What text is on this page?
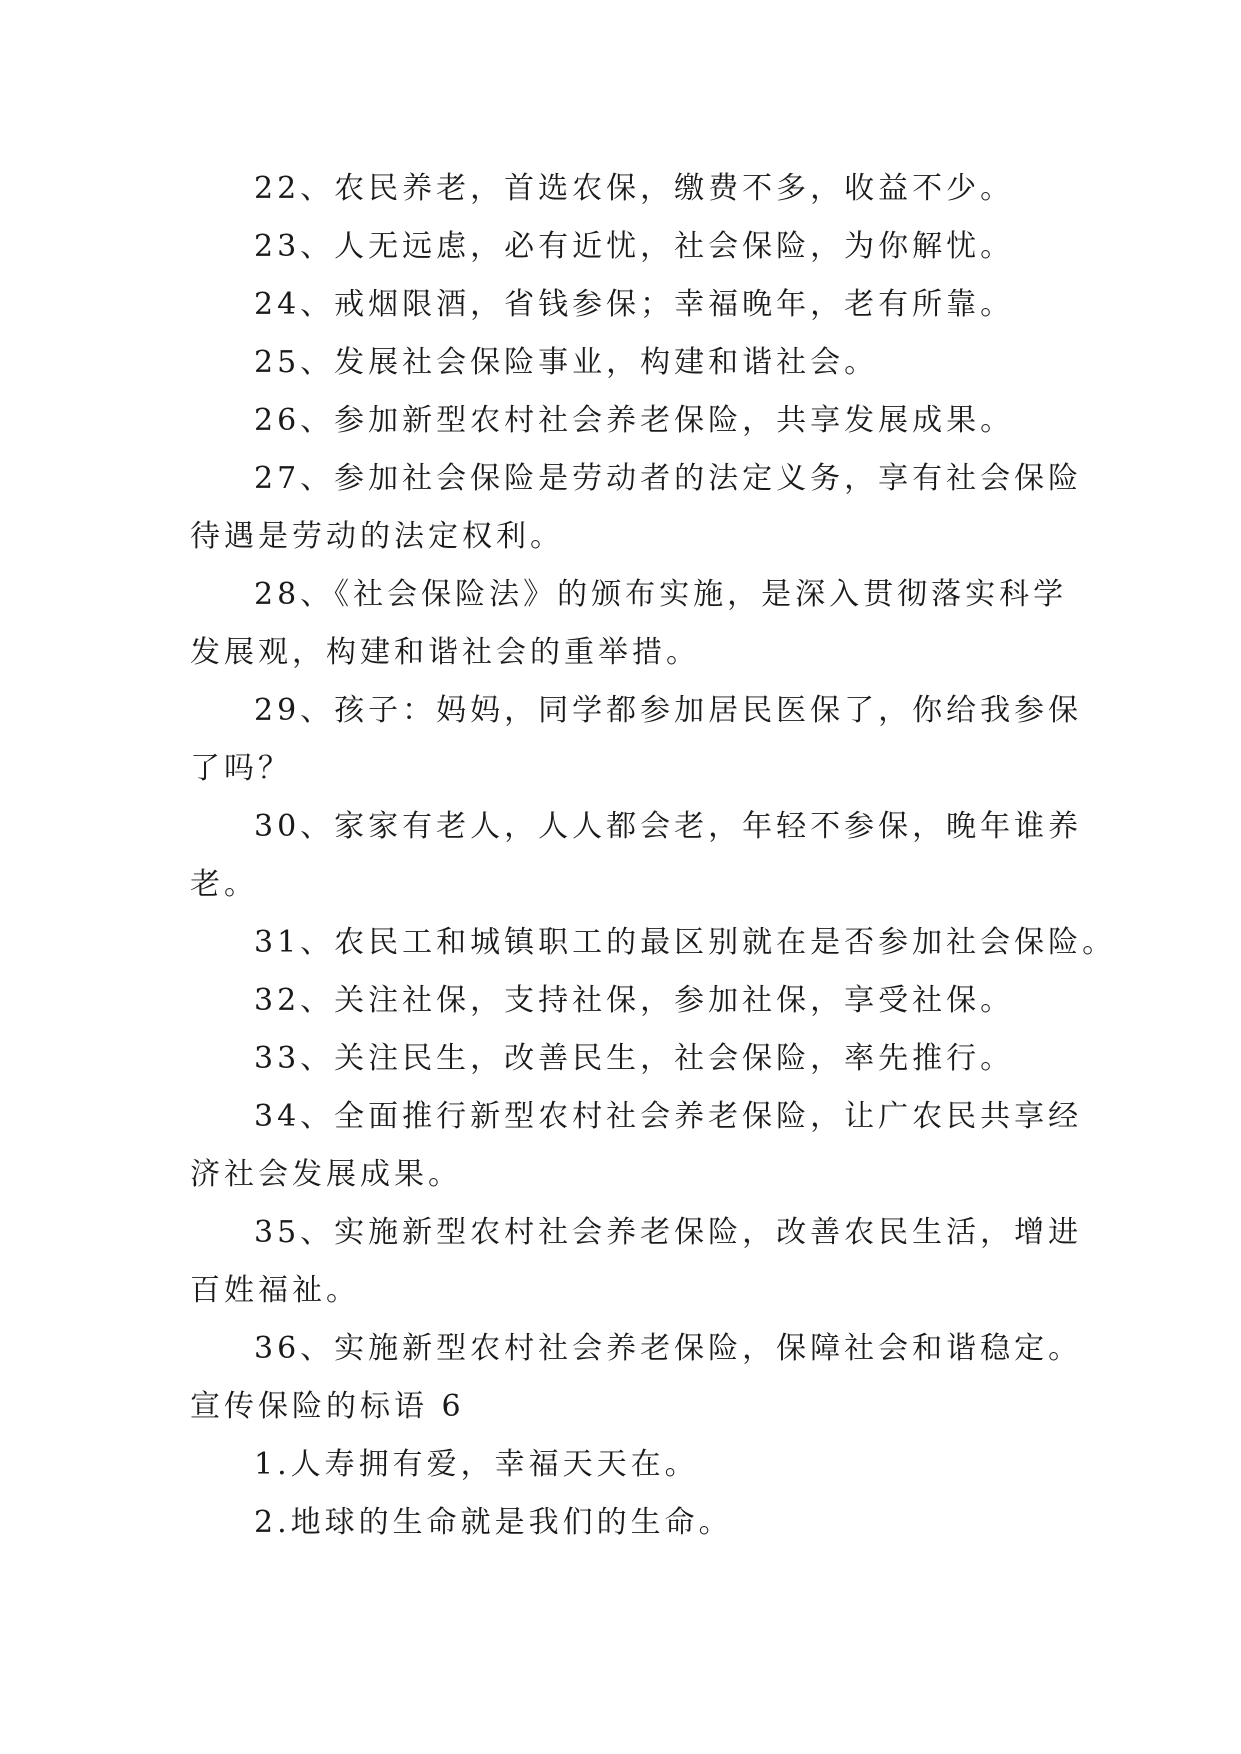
22、农民养老，首选农保，缴费不多，收益不少。
23、人无远虑，必有近忧，社会保险，为你解忧。
24、戒烟限酒，省钱参保；幸福晚年，老有所靠。
25、发展社会保险事业，构建和谐社会。
26、参加新型农村社会养老保险，共享发展成果。
27、参加社会保险是劳动者的法定义务，享有社会保险
待遇是劳动的法定权利。
28、《社会保险法》的颁布实施，是深入贯彻落实科学
发展观，构建和谐社会的重举措。
29、孩子：妈妈，同学都参加居民医保了，你给我参保
了吗？
30、家家有老人，人人都会老，年轻不参保，晚年谁养
老。
31、农民工和城镇职工的最区别就在是否参加社会保险。
32、关注社保，支持社保，参加社保，享受社保。
33、关注民生，改善民生，社会保险，率先推行。
34、全面推行新型农村社会养老保险，让广农民共享经
济社会发展成果。
35、实施新型农村社会养老保险，改善农民生活，增进
百姓福祉。
36、实施新型农村社会养老保险，保障社会和谐稳定。
宣传保险的标语 6
1.人寿拥有爱，幸福天天在。
2.地球的生命就是我们的生命。
